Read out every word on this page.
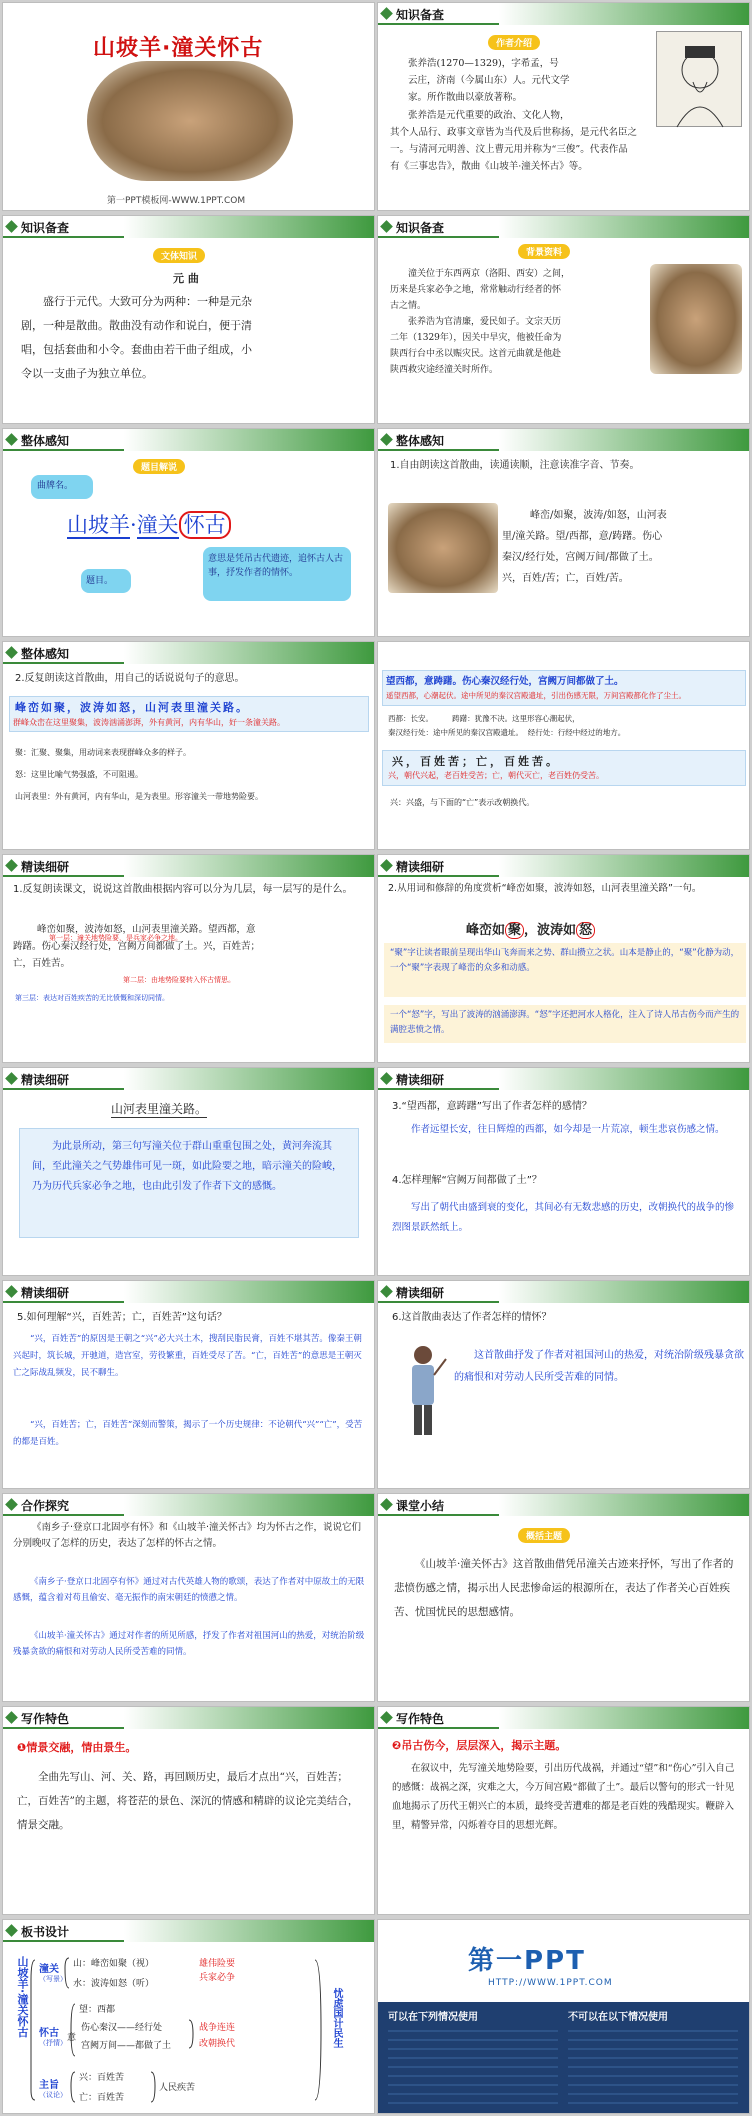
山坡羊·潼关怀古
第一PPT模板网-WWW.1PPT.COM
知识备查
作者介绍
张养浩(1270—1329)，字希孟，号
云庄，济南（今属山东）人。元代文学
家。所作散曲以豪放著称。
张养浩是元代重要的政治、文化人物，
其个人品行、政事文章皆为当代及后世称扬，是元代名臣之
一。与清河元明善、汶上曹元用并称为“三俊”。代表作品
有《三事忠告》，散曲《山坡羊·潼关怀古》等。
知识备查
文体知识
元 曲
盛行于元代。大致可分为两种：一种是元杂
剧，一种是散曲。散曲没有动作和说白，便于清
唱，包括套曲和小令。套曲由若干曲子组成，小
令以一支曲子为独立单位。
知识备查
背景资料
潼关位于东西两京（洛阳、西安）之间，
历来是兵家必争之地，常常触动行经者的怀
古之情。
张养浩为官清廉，爱民如子。文宗天历
二年（1329年），因关中旱灾，他被任命为
陕西行台中丞以赈灾民。这首元曲就是他赴
陕西救灾途经潼关时所作。
整体感知
题目解说
曲牌名。
山坡羊·潼关 怀古
题目。
意思是凭吊古代遗迹，追怀古人古事，抒发作者的情怀。
整体感知
1.自由朗读这首散曲，读通读顺，注意读准字音、节奏。
峰峦/如聚，波涛/如怒，山河表
里/潼关路。望/西都，意/踌躇。伤心
秦汉/经行处，宫阙万间/都做了土。
兴，百姓/苦；亡，百姓/苦。
整体感知
2.反复朗读这首散曲，用自己的话说说句子的意思。
峰峦如聚，波涛如怒，山河表里潼关路。
群峰众峦在这里聚集，波涛汹涌澎湃，外有黄河，内有华山，好一条潼关路。
聚：汇聚、聚集，用动词来表现群峰众多的样子。
怒：这里比喻气势强盛，不可阻遏。
山河表里：外有黄河，内有华山，是为表里。形容潼关一带地势险要。
望西都，意踌躇。伤心秦汉经行处，宫阙万间都做了土。
遥望西都，心潮起伏。途中所见的秦汉宫殿遗址，引出伤感无限，万间宫殿都化作了尘土。
西都：长安。	踌躇：犹豫不决。这里形容心潮起伏，
秦汉经行处：途中所见的秦汉宫殿遗址。 经行处：行经中经过的地方。
兴，百姓苦；亡，百姓苦。
兴，朝代兴起，老百姓受苦；亡，朝代灭亡，老百姓仍受苦。
兴：兴盛，与下面的“亡”表示改朝换代。
精读细研
1.反复朗读课文，说说这首散曲根据内容可以分为几层，每一层写的是什么。
峰峦如聚，波涛如怒，山河表里潼关路。望西都，意
踌躇。伤心秦汉经行处，宫阙万间都做了土。兴，百姓苦；
亡，百姓苦。
第一层：潼关地势险要，是兵家必争之地。
第二层：由地势险要转入怀古情思。
第三层：表达对百姓疾苦的无比愤慨和深切同情。
精读细研
2.从用词和修辞的角度赏析“峰峦如聚，波涛如怒，山河表里潼关路”一句。
峰峦如 聚 ，波涛如 怒
“聚”字让读者眼前呈现出华山飞奔而来之势、群山攒立之状。山本是静止的，“聚”化静为动，一个“聚”字表现了峰峦的众多和动感。
一个“怒”字，写出了波涛的汹涌澎湃。“怒”字还把河水人格化，注入了诗人吊古伤今而产生的满腔悲愤之情。
精读细研
山河表里潼关路。
为此景所动，第三句写潼关位于群山重重包围之处，黄河奔流其间，至此潼关之气势雄伟可见一斑，如此险要之地，暗示潼关的险峻，乃为历代兵家必争之地，也由此引发了作者下文的感慨。
精读细研
3.“望西都，意踌躇”写出了作者怎样的感情？
作者远望长安，往日辉煌的西都，如今却是一片荒凉，顿生悲哀伤感之情。
4.怎样理解“宫阙万间都做了土”？
写出了朝代由盛到衰的变化，其间必有无数悲感的历史，改朝换代的战争的惨烈图景跃然纸上。
精读细研
5.如何理解“兴，百姓苦；亡，百姓苦”这句话？
“兴，百姓苦”的原因是王朝之“兴”必大兴土木，搜刮民脂民膏，百姓不堪其苦。像秦王朝兴起时，筑长城，开驰道，造宫室，劳役繁重，百姓受尽了苦。“亡，百姓苦”的意思是王朝灭亡之际战乱频发，民不聊生。
“兴，百姓苦；亡，百姓苦”深刻而警策，揭示了一个历史规律：不论朝代“兴”“亡”，受苦的都是百姓。
精读细研
6.这首散曲表达了作者怎样的情怀？
这首散曲抒发了作者对祖国河山的热爱，对统治阶级残暴贪欲的痛恨和对劳动人民所受苦难的同情。
合作探究
《南乡子·登京口北固亭有怀》和《山坡羊·潼关怀古》均为怀古之作，说说它们分别晚叹了怎样的历史，表达了怎样的怀古之情。
《南乡子·登京口北固亭有怀》通过对古代英雄人物的歌颂，表达了作者对中原故土的无限感慨，蕴含着对苟且偷安、毫无振作的南宋朝廷的愤懑之情。
《山坡羊·潼关怀古》通过对作者的所见所感，抒发了作者对祖国河山的热爱，对统治阶级残暴贪欲的痛恨和对劳动人民所受苦难的同情。
课堂小结
概括主题
《山坡羊·潼关怀古》这首散曲借凭吊潼关古迹来抒怀，写出了作者的悲愤伤感之情，揭示出人民悲惨命运的根源所在，表达了作者关心百姓疾苦、忧国忧民的思想感情。
写作特色
❶情景交融，情由景生。
全曲先写山、河、关、路，再回顾历史，最后才点出“兴，百姓苦；亡，百姓苦”的主题，将苍茫的景色、深沉的情感和精辟的议论完美结合，情景交融。
写作特色
❷吊古伤今，层层深入，揭示主题。
在叙议中，先写潼关地势险要，引出历代战祸，并通过“望”和“伤心”引入自己的感慨：战祸之深，灾难之大，今万间宫殿“都做了土”。最后以警句的形式一针见血地揭示了历代王朝兴亡的本质，最终受苦遭难的都是老百姓的残酷现实。鞭辟入里，精警异常，闪烁着夺目的思想光辉。
板书设计
山坡羊·潼关怀古 潼关
（写景）
山：峰峦如聚（视）
水：波涛如怒（听）
雄伟险要
兵家必争
怀古
（抒情）
望：西都
意
伤心秦汉——经行处
宫阙万间——都做了土
战争连连
改朝换代
主旨
（议论）
兴：百姓苦
亡：百姓苦
人民疾苦
忧虑国计民生
第一PPT
HTTP://WWW.1PPT.COM
可以在下列情况使用	不可以在以下情况使用
